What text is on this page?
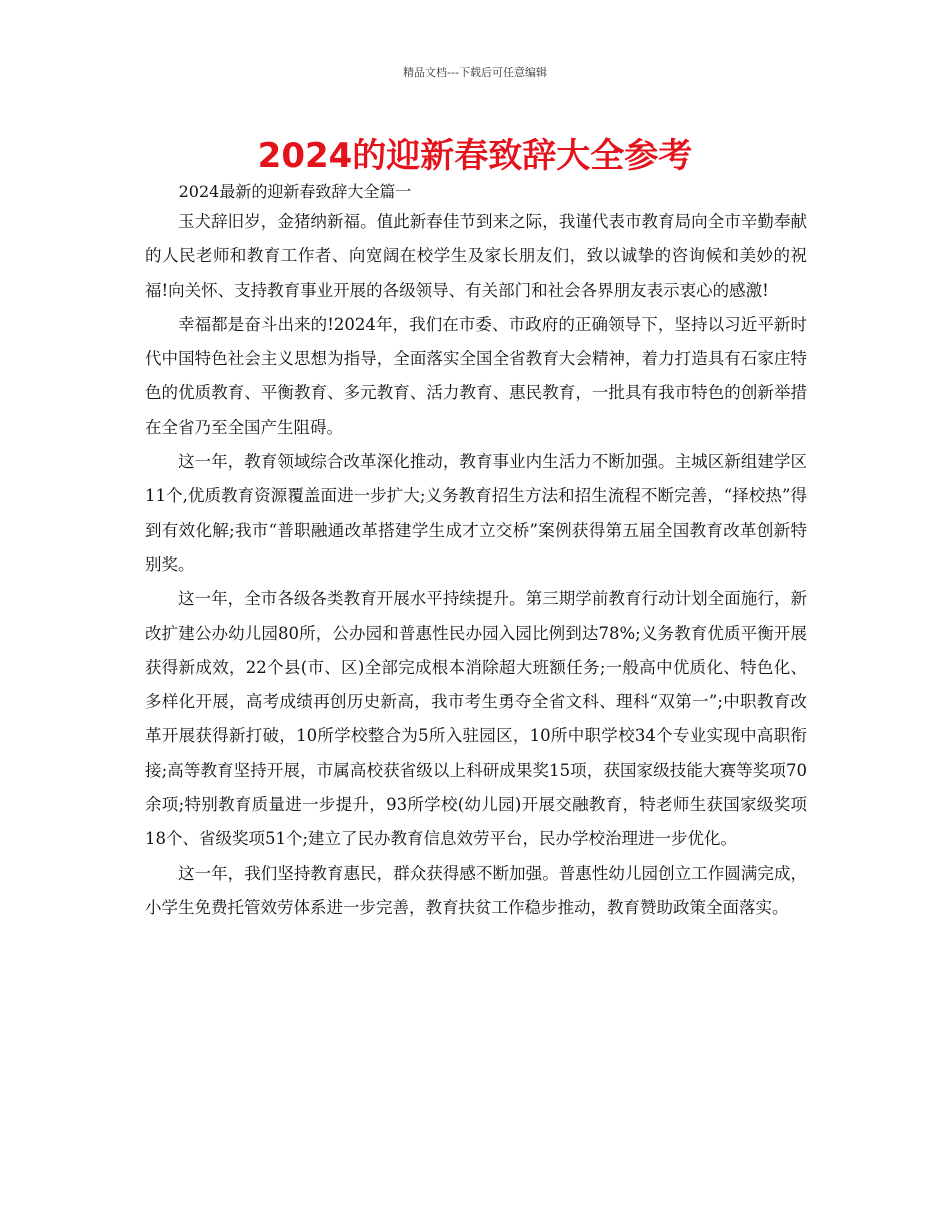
精品文档---下载后可任意编辑
2024的迎新春致辞大全参考

2024最新的迎新春致辞大全篇一

玉犬辞旧岁，金猪纳新福。值此新春佳节到来之际，我谨代表市教育局向全市辛勤奉献的人民老师和教育工作者、向宽阔在校学生及家长朋友们，致以诚挚的咨询候和美妙的祝福!向关怀、支持教育事业开展的各级领导、有关部门和社会各界朋友表示衷心的感激!

幸福都是奋斗出来的!2024年，我们在市委、市政府的正确领导下，坚持以习近平新时代中国特色社会主义思想为指导，全面落实全国全省教育大会精神，着力打造具有石家庄特色的优质教育、平衡教育、多元教育、活力教育、惠民教育，一批具有我市特色的创新举措在全省乃至全国产生阻碍。

这一年，教育领域综合改革深化推动，教育事业内生活力不断加强。主城区新组建学区11个,优质教育资源覆盖面进一步扩大;义务教育招生方法和招生流程不断完善，“择校热”得到有效化解;我市“普职融通改革搭建学生成才立交桥”案例获得第五届全国教育改革创新特别奖。

这一年，全市各级各类教育开展水平持续提升。第三期学前教育行动计划全面施行，新改扩建公办幼儿园80所，公办园和普惠性民办园入园比例到达78%;义务教育优质平衡开展获得新成效，22个县(市、区)全部完成根本消除超大班额任务;一般高中优质化、特色化、多样化开展，高考成绩再创历史新高，我市考生勇夺全省文科、理科“双第一”;中职教育改革开展获得新打破，10所学校整合为5所入驻园区，10所中职学校34个专业实现中高职衔接;高等教育坚持开展，市属高校获省级以上科研成果奖15项，获国家级技能大赛等奖项70余项;特别教育质量进一步提升，93所学校(幼儿园)开展交融教育，特老师生获国家级奖项18个、省级奖项51个;建立了民办教育信息效劳平台，民办学校治理进一步优化。

这一年，我们坚持教育惠民，群众获得感不断加强。普惠性幼儿园创立工作圆满完成，小学生免费托管效劳体系进一步完善，教育扶贫工作稳步推动，教育赞助政策全面落实。
